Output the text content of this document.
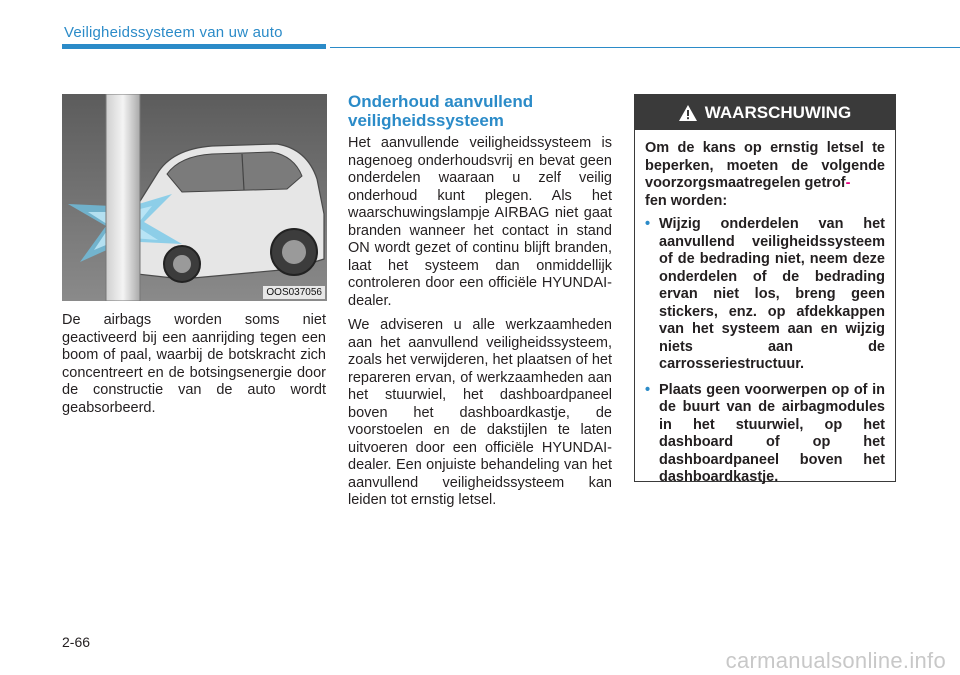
Veiligheidssysteem van uw auto
OOS037056

De airbags worden soms niet geactiveerd bij een aanrijding tegen een boom of paal, waarbij de botskracht zich concentreert en de botsingsenergie door de constructie van de auto wordt geabsorbeerd.

Onderhoud aanvullend veiligheidssysteem

Het aanvullende veiligheidssysteem is nagenoeg onderhoudsvrij en bevat geen onderdelen waaraan u zelf veilig onderhoud kunt plegen. Als het waarschuwingslampje AIRBAG niet gaat branden wanneer het contact in stand ON wordt gezet of continu blijft branden, laat het systeem dan onmiddellijk controleren door een officiële HYUNDAI-dealer.

We adviseren u alle werkzaamheden aan het aanvullend veiligheidssysteem, zoals het verwijderen, het plaatsen of het repareren ervan, of werkzaamheden aan het stuurwiel, het dashboardpaneel boven het dashboardkastje, de voorstoelen en de dakstijlen te laten uitvoeren door een officiële HYUNDAI-dealer. Een onjuiste behandeling van het aanvullend veiligheidssysteem kan leiden tot ernstig letsel.

WAARSCHUWING

Om de kans op ernstig letsel te beperken, moeten de volgende voorzorgsmaatregelen getrof-
fen worden:

• Wijzig onderdelen van het aanvullend veiligheidssysteem of de bedrading niet, neem deze onderdelen of de bedrading ervan niet los, breng geen stickers, enz. op afdekkappen van het systeem aan en wijzig niets aan de carrosseriestructuur.
• Plaats geen voorwerpen op of in de buurt van de airbagmodules in het stuurwiel, op het dashboard of op het dashboardpaneel boven het dashboardkastje.
2-66
carmanualsonline.info
